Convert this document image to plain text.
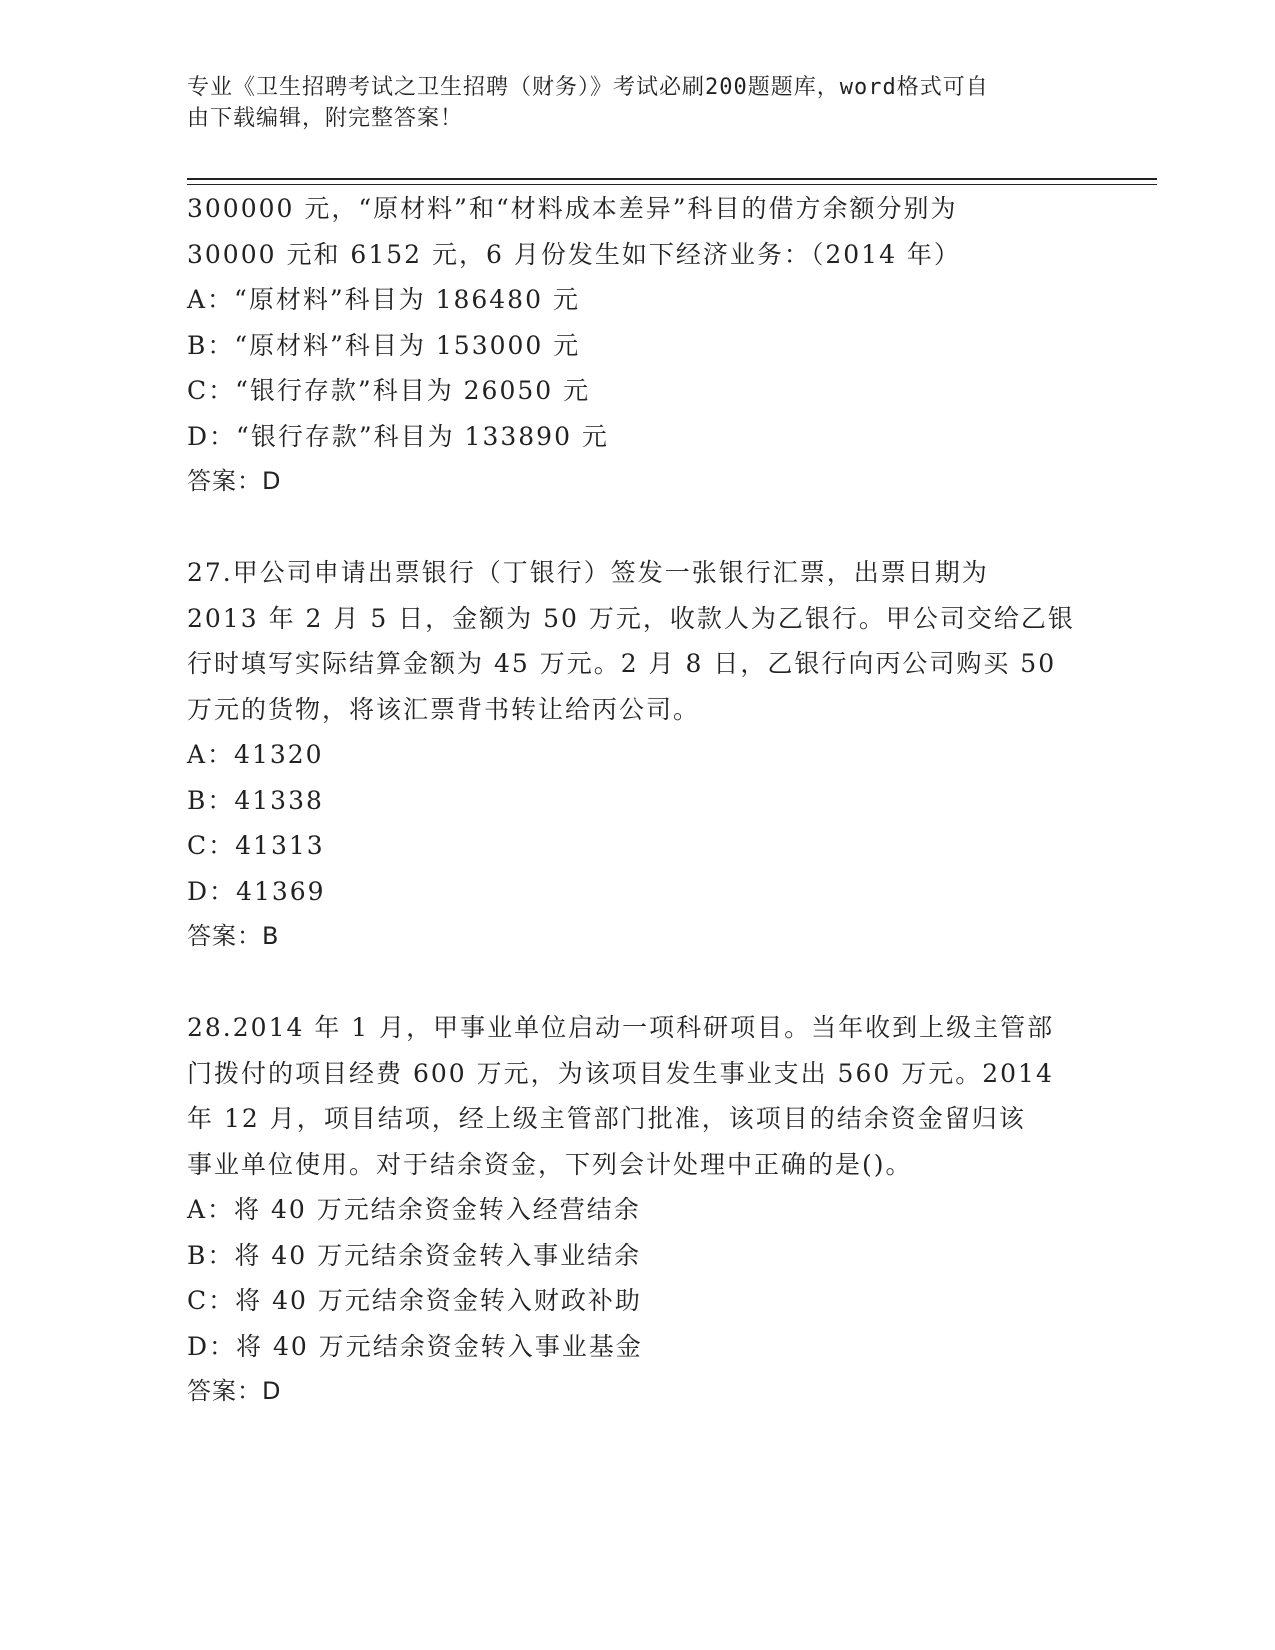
专业《卫生招聘考试之卫生招聘（财务）》考试必刷200题题库，word格式可自
由下载编辑，附完整答案！
300000 元，“原材料”和“材料成本差异”科目的借方余额分别为
30000 元和 6152 元，6 月份发生如下经济业务：（2014 年）
A：“原材料”科目为 186480 元
B：“原材料”科目为 153000 元
C：“银行存款”科目为 26050 元
D：“银行存款”科目为 133890 元
答案：D
27.甲公司申请出票银行（丁银行）签发一张银行汇票，出票日期为
2013 年 2 月 5 日，金额为 50 万元，收款人为乙银行。甲公司交给乙银
行时填写实际结算金额为 45 万元。2 月 8 日，乙银行向丙公司购买 50
万元的货物，将该汇票背书转让给丙公司。
A：41320
B：41338
C：41313
D：41369
答案：B
28.2014 年 1 月，甲事业单位启动一项科研项目。当年收到上级主管部
门拨付的项目经费 600 万元，为该项目发生事业支出 560 万元。2014
年 12 月，项目结项，经上级主管部门批准，该项目的结余资金留归该
事业单位使用。对于结余资金，下列会计处理中正确的是()。
A：将 40 万元结余资金转入经营结余
B：将 40 万元结余资金转入事业结余
C：将 40 万元结余资金转入财政补助
D：将 40 万元结余资金转入事业基金
答案：D
